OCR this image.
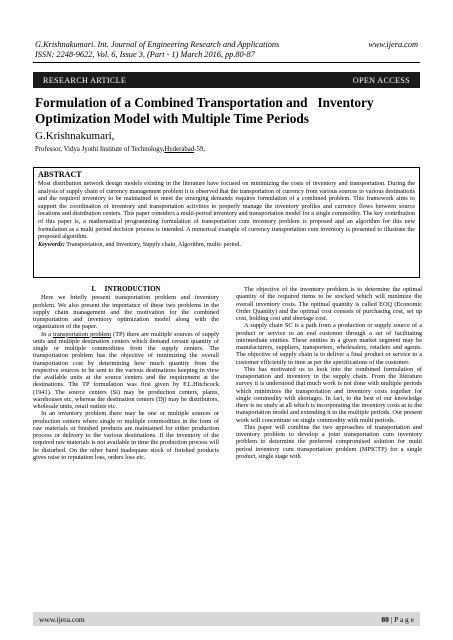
G.Krishnakumari. Int. Journal of Engineering Research and Applications	www.ijera.com
ISSN: 2248-9622, Vol. 6, Issue 3, (Part - 1) March 2016, pp.80-87
RESEARCH ARTICLE	OPEN ACCESS
Formulation of a Combined Transportation and   Inventory
Optimization Model with Multiple Time Periods
G.Krishnakumari,
Professor, Vidya Jyothi Institute of Technology,Hyderabad-59,
ABSTRACT
Most distribution network design models existing in the literature have focused on minimizing the costs of inventory and transportation. During the analysis of supply chain of currency management problem it is observed that the transportation of currency from various sources to various destinations and the required inventory to be maintained to meet the emerging demands requires formulation of a combined problem. This framework aims to support the coordination of inventory and transportation activities to properly manage the inventory profiles and currency flows between source locations and distribution centers. This paper considers a multi-period inventory and transportation model for a single commodity. The key contribution of this paper is, a mathematical programming formulation of transportation cum inventory problem is proposed and an algorithm for this new formulation as a multi period decision process is intended. A numerical example of currency transportation cum inventory is presented to illustrate the proposed algorithm.
Keywords: Transportation, and Inventory, Supply chain, Algorithm, multi- period.
I.     INTRODUCTION

Here we briefly present transportation problem and inventory problem. We also present the importance of these two problems in the supply chain management and the motivation for the combined transportation and inventory optimization model along with the organization of the paper.

In a transportation problem (TP) there are multiple sources of supply units and multiple destination centers which demand certain quantity of single or multiple commodities from the supply centers. The transportation problem has the objective of minimizing the overall transportation cost by determining how much quantity from the respective sources to be sent to the various destinations keeping in view the available units at the source centers and the requirement at the destinations. The TP formulation was first given by F.L.Hitchcock (1941). The source centers (Si) may be production centers, plants, warehouses etc, whereas the destination centers (Dj) may be distributors, wholesale units, retail outlets etc.

In an inventory problem there may be one or multiple sources or production centers where single or multiple commodities in the form of raw materials or finished products are maintained for either production process or delivery to the various destinations. If the inventory of the required raw materials is not available in time the production process will be disturbed. On the other hand inadequate stock of finished products gives raise to reputation loss, orders loss etc.

The objective of the inventory problem is to determine the optimal quantity of the required items to be stocked which will minimize the overall inventory costs. The optimal quantity is called EOQ (Economic Order Quantity) and the optimal cost consists of purchasing cost, set up cost, holding cost and shortage cost.

A supply chain SC is a path from a production or supply source of a product or service to an end customer through a set of facilitating intermediate entities. These entities in a given market segment may be manufacturers, suppliers, transporters, wholesalers, retailers and agents. The objective of supply chain is to deliver a final product or service to a customer efficiently in time as per the specifications of the customer.

This has motivated us to look into the combined formulation of transportation and inventory in the supply chain. From the literature survey it is understood that much work is not done with multiple periods which minimizes the transportation and inventory costs together for single commodity with shortages. In fact, to the best of our knowledge there is no study at all which is incorporating the inventory costs at to the transportation model and extending it to the multiple periods. Our present work will concentrate on single commodity with multi periods.

This paper will combine the two approaches of transportation and inventory problem to develop a joint transportation cum inventory problem to determine the preferred compromised solution for multi period inventory cum transportation problem (MPICTP) for a single product, single stage with

www.ijera.com	80 | P a g e
